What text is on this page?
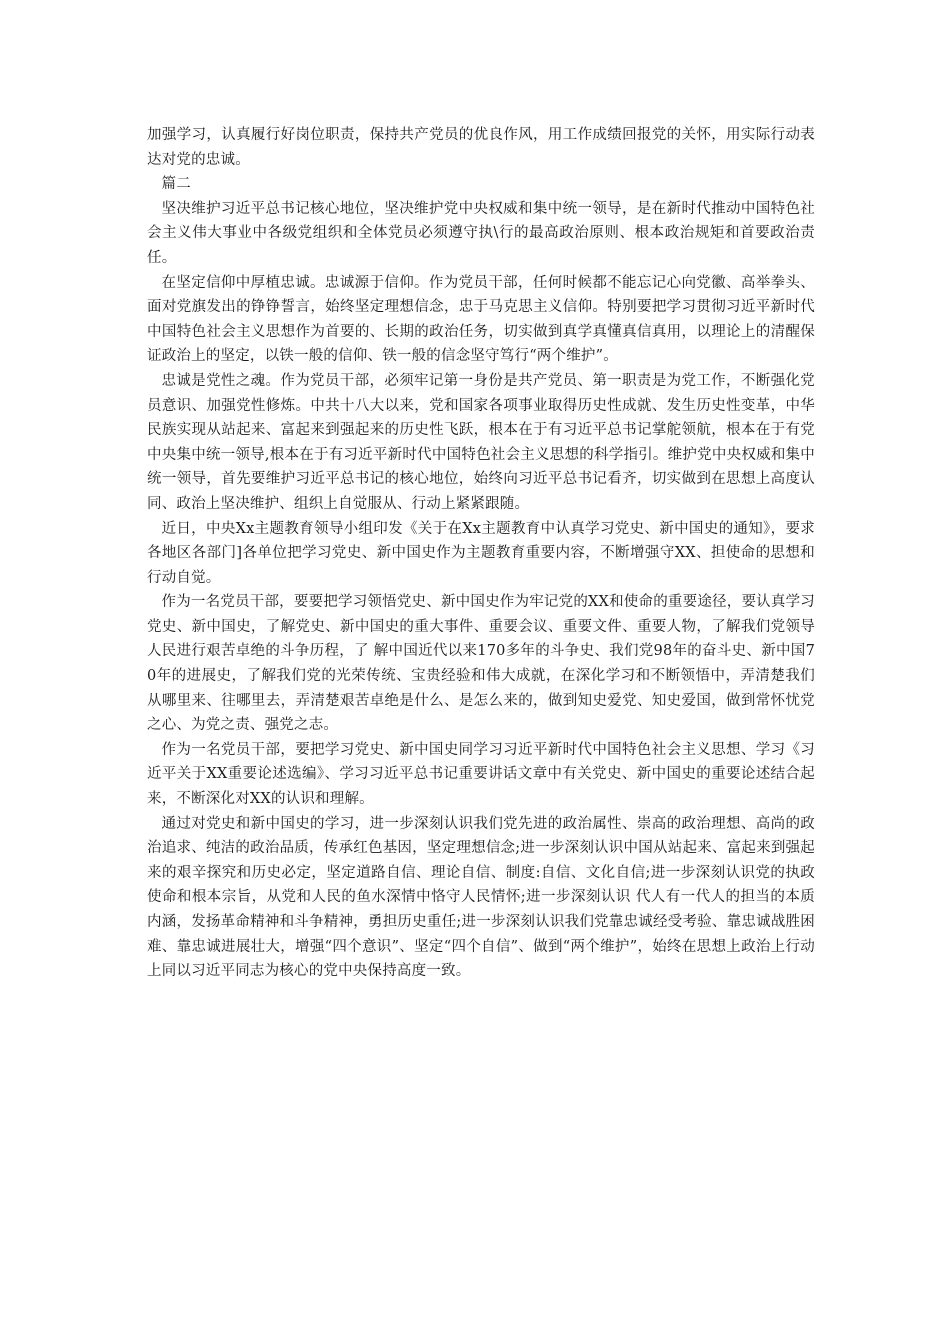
加强学习，认真履行好岗位职责，保持共产党员的优良作风，用工作成绩回报党的关怀，用实际行动表达对党的忠诚。

篇二

坚决维护习近平总书记核心地位，坚决维护党中央权威和集中统一领导，是在新时代推动中国特色社会主义伟大事业中各级党组织和全体党员必须遵守执\行的最高政治原则、根本政治规矩和首要政治责任。

在坚定信仰中厚植忠诚。忠诚源于信仰。作为党员干部，任何时候都不能忘记心向党徽、高举拳头、面对党旗发出的铮铮誓言，始终坚定理想信念，忠于马克思主义信仰。特别要把学习贯彻习近平新时代中国特色社会主义思想作为首要的、长期的政治任务，切实做到真学真懂真信真用，以理论上的清醒保证政治上的坚定，以铁一般的信仰、铁一般的信念坚守笃行“两个维护”。

忠诚是党性之魂。作为党员干部，必须牢记第一身份是共产党员、第一职责是为党工作，不断强化党员意识、加强党性修炼。中共十八大以来，党和国家各项事业取得历史性成就、发生历史性变革，中华民族实现从站起来、富起来到强起来的历史性飞跃，根本在于有习近平总书记掌舵领航，根本在于有党中央集中统一领导,根本在于有习近平新时代中国特色社会主义思想的科学指引。维护党中央权威和集中统一领导，首先要维护习近平总书记的核心地位，始终向习近平总书记看齐，切实做到在思想上高度认同、政治上坚决维护、组织上自觉服从、行动上紧紧跟随。

近日，中央Xx主题教育领导小组印发《关于在Xx主题教育中认真学习党史、新中国史的通知》，要求各地区各部门]各单位把学习党史、新中国史作为主题教育重要内容，不断增强守XX、担使命的思想和行动自觉。

作为一名党员干部，要要把学习领悟党史、新中国史作为牢记党的XX和使命的重要途径，要认真学习党史、新中国史，了解党史、新中国史的重大事件、重要会议、重要文件、重要人物，了解我们党领导人民进行艰苦卓绝的斗争历程，了 解中国近代以来170多年的斗争史、我们党98年的奋斗史、新中国70年的进展史，了解我们党的光荣传统、宝贵经验和伟大成就，在深化学习和不断领悟中，弄清楚我们从哪里来、往哪里去，弄清楚艰苦卓绝是什么、是怎么来的，做到知史爱党、知史爱国，做到常怀忧党之心、为党之责、强党之志。

作为一名党员干部，要把学习党史、新中国史同学习习近平新时代中国特色社会主义思想、学习《习近平关于XX重要论述选编》、学习习近平总书记重要讲话文章中有关党史、新中国史的重要论述结合起来，不断深化对XX的认识和理解。

通过对党史和新中国史的学习，进一步深刻认识我们党先进的政治属性、崇高的政治理想、高尚的政治追求、纯洁的政治品质，传承红色基因，坚定理想信念;进一步深刻认识中国从站起来、富起来到强起来的艰辛探究和历史必定，坚定道路自信、理论自信、制度:自信、文化自信;进一步深刻认识党的执政使命和根本宗旨，从党和人民的鱼水深情中恪守人民情怀;进一步深刻认识 代人有一代人的担当的本质内涵，发扬革命精神和斗争精神，勇担历史重任;进一步深刻认识我们党靠忠诚经受考验、靠忠诚战胜困难、靠忠诚进展壮大，增强“四个意识”、坚定“四个自信”、做到“两个维护”，始终在思想上政治上行动上同以习近平同志为核心的党中央保持高度一致。
